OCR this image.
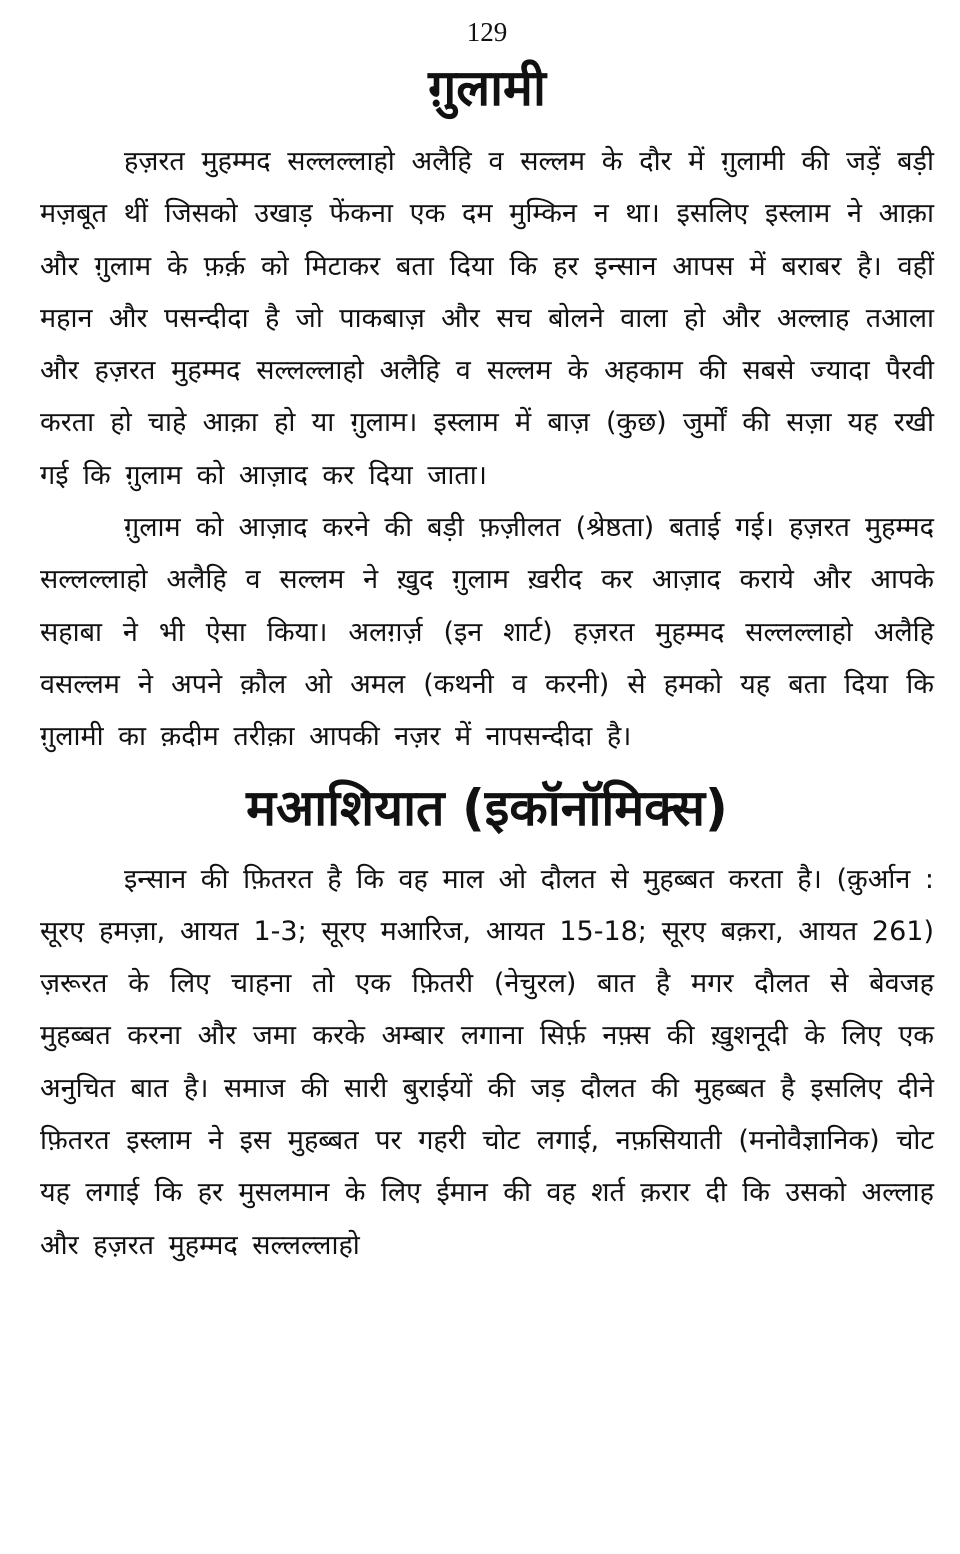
129
ग़ुलामी

हज़रत मुहम्मद सल्लल्लाहो अलैहि व सल्लम के दौर में ग़ुलामी की जड़ें बड़ी मज़बूत थीं जिसको उखाड़ फेंकना एक दम मुम्किन न था। इसलिए इस्लाम ने आक़ा और ग़ुलाम के फ़र्क़ को मिटाकर बता दिया कि हर इन्सान आपस में बराबर है। वहीं महान और पसन्दीदा है जो पाकबाज़ और सच बोलने वाला हो और अल्लाह तआला और हज़रत मुहम्मद सल्लल्लाहो अलैहि व सल्लम के अहकाम की सबसे ज्यादा पैरवी करता हो चाहे आक़ा हो या ग़ुलाम। इस्लाम में बाज़ (कुछ) जुर्मों की सज़ा यह रखी गई कि ग़ुलाम को आज़ाद कर दिया जाता।

ग़ुलाम को आज़ाद करने की बड़ी फ़ज़ीलत (श्रेष्ठता) बताई गई। हज़रत मुहम्मद सल्लल्लाहो अलैहि व सल्लम ने ख़ुद ग़ुलाम ख़रीद कर आज़ाद कराये और आपके सहाबा ने भी ऐसा किया। अलग़र्ज़ (इन शार्ट) हज़रत मुहम्मद सल्लल्लाहो अलैहि वसल्लम ने अपने क़ौल ओ अमल (कथनी व करनी) से हमको यह बता दिया कि ग़ुलामी का क़दीम तरीक़ा आपकी नज़र में नापसन्दीदा है।

मआशियात (इकॉनॉमिक्स)

इन्सान की फ़ितरत है कि वह माल ओ दौलत से मुहब्बत करता है। (क़ुर्आन : सूरए हमज़ा, आयत 1-3; सूरए मआरिज, आयत 15-18; सूरए बक़रा, आयत 261) ज़रूरत के लिए चाहना तो एक फ़ितरी (नेचुरल) बात है मगर दौलत से बेवजह मुहब्बत करना और जमा करके अम्बार लगाना सिर्फ़ नफ़्स की ख़ुशनूदी के लिए एक अनुचित बात है। समाज की सारी बुराईयों की जड़ दौलत की मुहब्बत है इसलिए दीने फ़ितरत इस्लाम ने इस मुहब्बत पर गहरी चोट लगाई, नफ़सियाती (मनोवैज्ञानिक) चोट यह लगाई कि हर मुसलमान के लिए ईमान की वह शर्त क़रार दी कि उसको अल्लाह और हज़रत मुहम्मद सल्लल्लाहो
